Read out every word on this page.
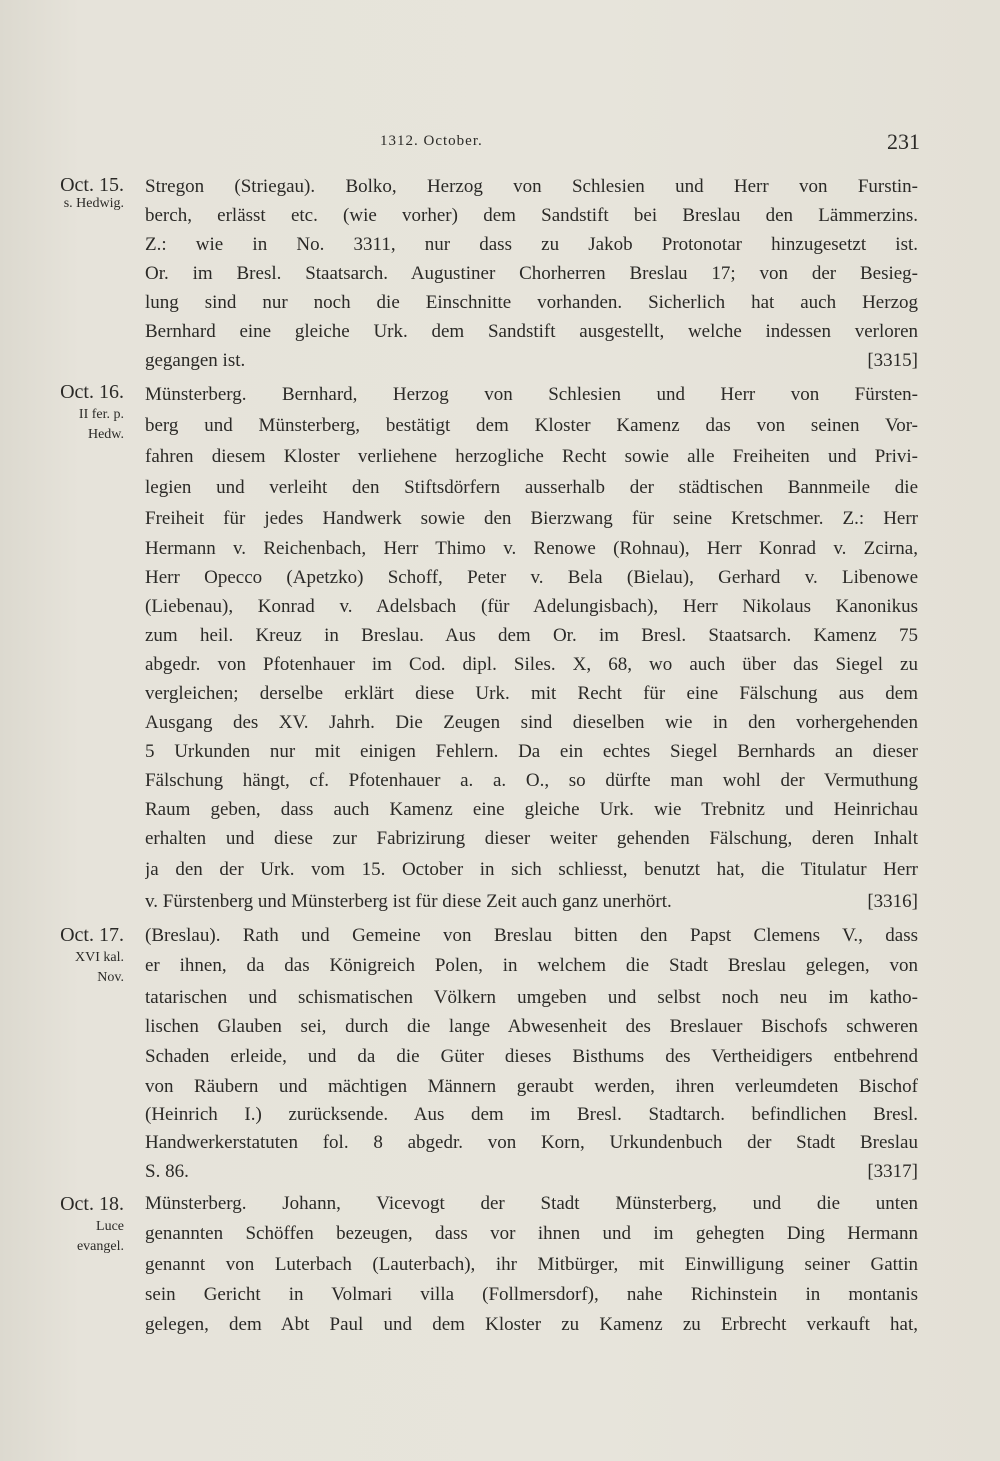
1312. October.	231
Oct. 15.
s. Hedwig.
Stregon (Striegau). Bolko, Herzog von Schlesien und Herr von Furstin-
berch, erlässt etc. (wie vorher) dem Sandstift bei Breslau den Lämmerzins.
Z.: wie in No. 3311, nur dass zu Jakob Protonotar hinzugesetzt ist.
Or. im Bresl. Staatsarch. Augustiner Chorherren Breslau 17; von der Besieg-
lung sind nur noch die Einschnitte vorhanden. Sicherlich hat auch Herzog
Bernhard eine gleiche Urk. dem Sandstift ausgestellt, welche indessen verloren
gegangen ist.	[3315]
Oct. 16.
II fer. p.
Hedw.
Münsterberg. Bernhard, Herzog von Schlesien und Herr von Fürsten-
berg und Münsterberg, bestätigt dem Kloster Kamenz das von seinen Vor-
fahren diesem Kloster verliehene herzogliche Recht sowie alle Freiheiten und Privi-
legien und verleiht den Stiftsdörfern ausserhalb der städtischen Bannmeile die
Freiheit für jedes Handwerk sowie den Bierzwang für seine Kretschmer. Z.: Herr
Hermann v. Reichenbach, Herr Thimo v. Renowe (Rohnau), Herr Konrad v. Zcirna,
Herr Opecco (Apetzko) Schoff, Peter v. Bela (Bielau), Gerhard v. Libenowe
(Liebenau), Konrad v. Adelsbach (für Adelungisbach), Herr Nikolaus Kanonikus
zum heil. Kreuz in Breslau. Aus dem Or. im Bresl. Staatsarch. Kamenz 75
abgedr. von Pfotenhauer im Cod. dipl. Siles. X, 68, wo auch über das Siegel zu
vergleichen; derselbe erklärt diese Urk. mit Recht für eine Fälschung aus dem
Ausgang des XV. Jahrh. Die Zeugen sind dieselben wie in den vorhergehenden
5 Urkunden nur mit einigen Fehlern. Da ein echtes Siegel Bernhards an dieser
Fälschung hängt, cf. Pfotenhauer a. a. O., so dürfte man wohl der Vermuthung
Raum geben, dass auch Kamenz eine gleiche Urk. wie Trebnitz und Heinrichau
erhalten und diese zur Fabrizirung dieser weiter gehenden Fälschung, deren Inhalt
ja den der Urk. vom 15. October in sich schliesst, benutzt hat, die Titulatur Herr
v. Fürstenberg und Münsterberg ist für diese Zeit auch ganz unerhört.	[3316]
Oct. 17.
XVI kal.
Nov.
(Breslau). Rath und Gemeine von Breslau bitten den Papst Clemens V., dass
er ihnen, da das Königreich Polen, in welchem die Stadt Breslau gelegen, von
tatarischen und schismatischen Völkern umgeben und selbst noch neu im katho-
lischen Glauben sei, durch die lange Abwesenheit des Breslauer Bischofs schweren
Schaden erleide, und da die Güter dieses Bisthums des Vertheidigers entbehrend
von Räubern und mächtigen Männern geraubt werden, ihren verleumdeten Bischof
(Heinrich I.) zurücksende. Aus dem im Bresl. Stadtarch. befindlichen Bresl.
Handwerkerstatuten fol. 8 abgedr. von Korn, Urkundenbuch der Stadt Breslau
S. 86.	[3317]
Oct. 18.
Luce
evangel.
Münsterberg. Johann, Vicevogt der Stadt Münsterberg, und die unten
genannten Schöffen bezeugen, dass vor ihnen und im gehegten Ding Hermann
genannt von Luterbach (Lauterbach), ihr Mitbürger, mit Einwilligung seiner Gattin
sein Gericht in Volmari villa (Follmersdorf), nahe Richinstein in montanis
gelegen, dem Abt Paul und dem Kloster zu Kamenz zu Erbrecht verkauft hat,
